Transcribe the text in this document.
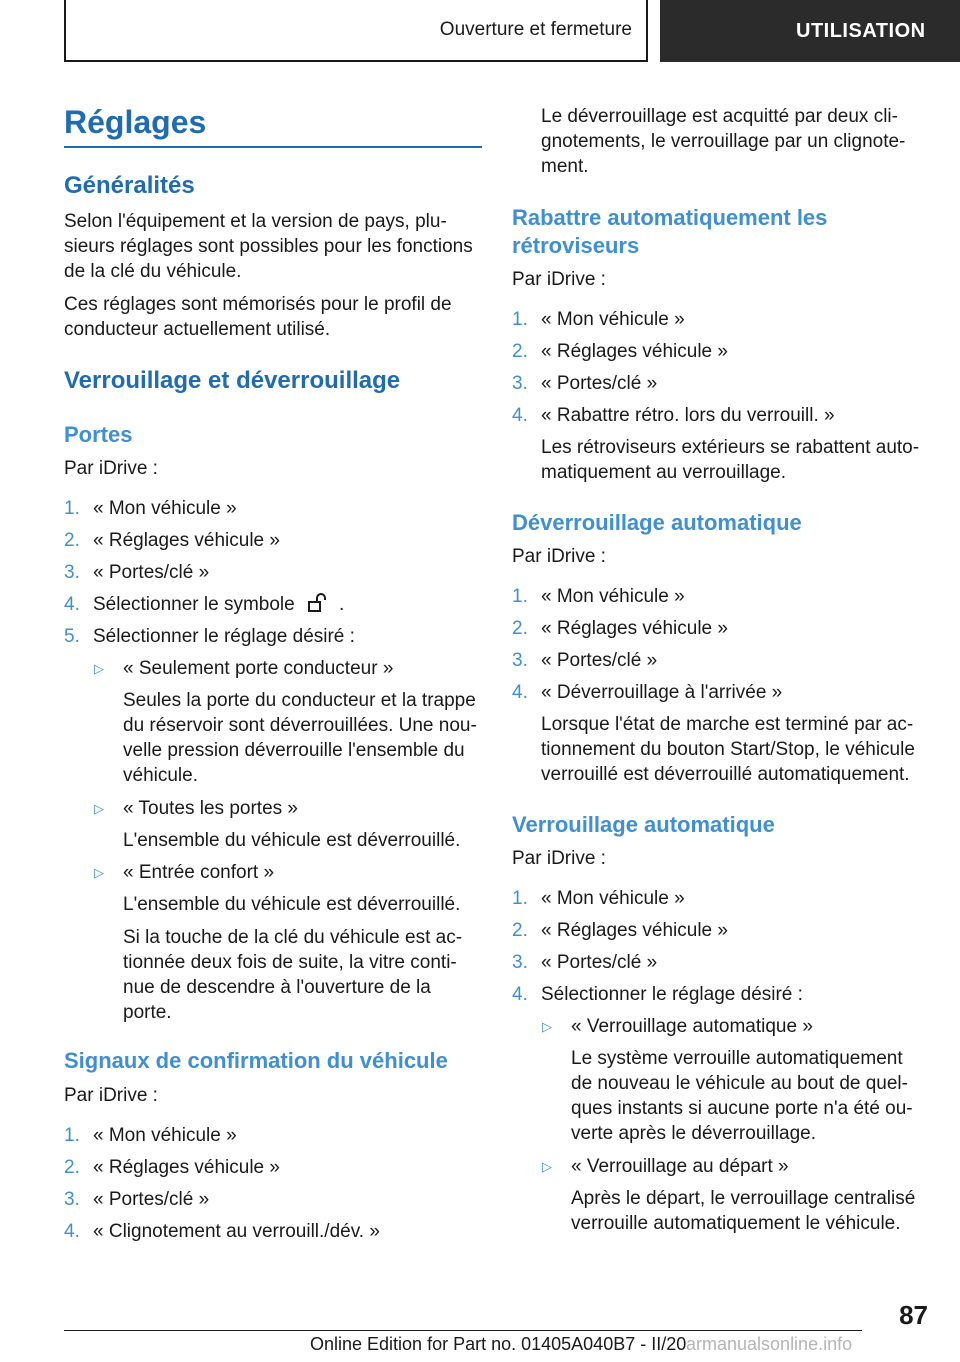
Ouverture et fermeture	UTILISATION
Réglages
Généralités

Selon l'équipement et la version de pays, plu-

sieurs réglages sont possibles pour les fonctions

de la clé du véhicule.

Ces réglages sont mémorisés pour le profil de

conducteur actuellement utilisé.

Verrouillage et déverrouillage
Portes

Par iDrive :

1. « Mon véhicule »

2. « Réglages véhicule »

3. « Portes/clé »

4. Sélectionner le symbole .

5. Sélectionner le réglage désiré :

▷ « Seulement porte conducteur »

Seules la porte du conducteur et la trappe

du réservoir sont déverrouillées. Une nou-

velle pression déverrouille l'ensemble du

véhicule.

▷ « Toutes les portes »

L'ensemble du véhicule est déverrouillé.

▷ « Entrée confort »

L'ensemble du véhicule est déverrouillé.

Si la touche de la clé du véhicule est ac-

tionnée deux fois de suite, la vitre conti-

nue de descendre à l'ouverture de la

porte.

Signaux de confirmation du véhicule

Par iDrive :

1. « Mon véhicule »

2. « Réglages véhicule »

3. « Portes/clé »

4. « Clignotement au verrouill./dév. »

Le déverrouillage est acquitté par deux cli-

gnotements, le verrouillage par un clignote-

ment.

Rabattre automatiquement les
rétroviseurs

Par iDrive :

1. « Mon véhicule »

2. « Réglages véhicule »

3. « Portes/clé »

4. « Rabattre rétro. lors du verrouill. »

Les rétroviseurs extérieurs se rabattent auto-

matiquement au verrouillage.

Déverrouillage automatique

Par iDrive :

1. « Mon véhicule »

2. « Réglages véhicule »

3. « Portes/clé »

4. « Déverrouillage à l'arrivée »

Lorsque l'état de marche est terminé par ac-

tionnement du bouton Start/Stop, le véhicule

verrouillé est déverrouillé automatiquement.

Verrouillage automatique

Par iDrive :

1. « Mon véhicule »

2. « Réglages véhicule »

3. « Portes/clé »

4. Sélectionner le réglage désiré :

▷ « Verrouillage automatique »

Le système verrouille automatiquement

de nouveau le véhicule au bout de quel-

ques instants si aucune porte n'a été ou-

verte après le déverrouillage.

▷ « Verrouillage au départ »

Après le départ, le verrouillage centralisé

verrouille automatiquement le véhicule.

87
Online Edition for Part no. 01405A040B7 - II/20 armanualsonline.info
